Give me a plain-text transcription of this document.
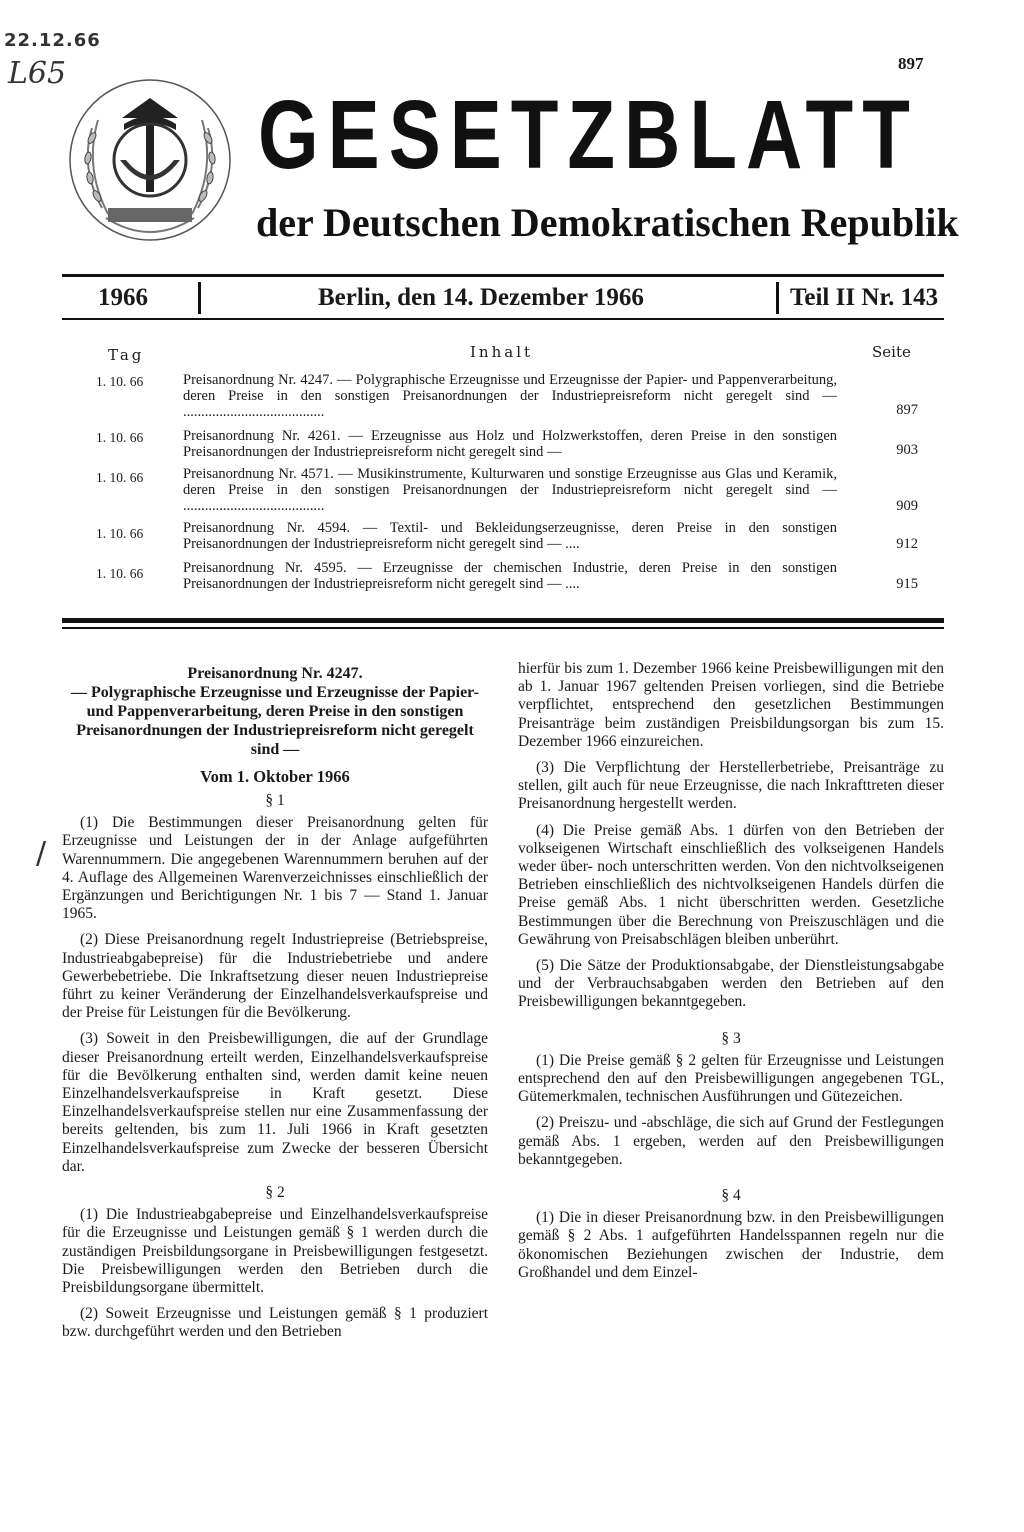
22.12.66
L65	897
GESETZBLATT
der Deutschen Demokratischen Republik
1966	Berlin, den 14. Dezember 1966	Teil II Nr. 143
Tag	Inhalt	Seite
1. 10. 66	Preisanordnung Nr. 4247. — Polygraphische Erzeugnisse und Erzeugnisse der Papier- und Pappenverarbeitung, deren Preise in den sonstigen Preisanordnungen der Industriepreisreform nicht geregelt sind — .......................................	897
1. 10. 66	Preisanordnung Nr. 4261. — Erzeugnisse aus Holz und Holzwerkstoffen, deren Preise in den sonstigen Preisanordnungen der Industriepreisreform nicht geregelt sind —	903
1. 10. 66	Preisanordnung Nr. 4571. — Musikinstrumente, Kulturwaren und sonstige Erzeugnisse aus Glas und Keramik, deren Preise in den sonstigen Preisanordnungen der Industriepreisreform nicht geregelt sind — .......................................	909
1. 10. 66	Preisanordnung Nr. 4594. — Textil- und Bekleidungserzeugnisse, deren Preise in den sonstigen Preisanordnungen der Industriepreisreform nicht geregelt sind — ....	912
1. 10. 66	Preisanordnung Nr. 4595. — Erzeugnisse der chemischen Industrie, deren Preise in den sonstigen Preisanordnungen der Industriepreisreform nicht geregelt sind — ....	915
/
Preisanordnung Nr. 4247.
— Polygraphische Erzeugnisse und Erzeugnisse der Papier- und Pappenverarbeitung, deren Preise in den sonstigen Preisanordnungen der Industriepreisreform nicht geregelt sind —
Vom 1. Oktober 1966
§ 1

(1) Die Bestimmungen dieser Preisanordnung gelten für Erzeugnisse und Leistungen der in der Anlage aufgeführten Warennummern. Die angegebenen Warennummern beruhen auf der 4. Auflage des Allgemeinen Warenverzeichnisses einschließlich der Ergänzungen und Berichtigungen Nr. 1 bis 7 — Stand 1. Januar 1965.

(2) Diese Preisanordnung regelt Industriepreise (Betriebspreise, Industrieabgabepreise) für die Industriebetriebe und andere Gewerbebetriebe. Die Inkraftsetzung dieser neuen Industriepreise führt zu keiner Veränderung der Einzelhandelsverkaufspreise und der Preise für Leistungen für die Bevölkerung.

(3) Soweit in den Preisbewilligungen, die auf der Grundlage dieser Preisanordnung erteilt werden, Einzelhandelsverkaufspreise für die Bevölkerung enthalten sind, werden damit keine neuen Einzelhandelsverkaufspreise in Kraft gesetzt. Diese Einzelhandelsverkaufspreise stellen nur eine Zusammenfassung der bereits geltenden, bis zum 11. Juli 1966 in Kraft gesetzten Einzelhandelsverkaufspreise zum Zwecke der besseren Übersicht dar.

§ 2

(1) Die Industrieabgabepreise und Einzelhandelsverkaufspreise für die Erzeugnisse und Leistungen gemäß § 1 werden durch die zuständigen Preisbildungsorgane in Preisbewilligungen festgesetzt. Die Preisbewilligungen werden den Betrieben durch die Preisbildungsorgane übermittelt.

(2) Soweit Erzeugnisse und Leistungen gemäß § 1 produziert bzw. durchgeführt werden und den Betrieben

hierfür bis zum 1. Dezember 1966 keine Preisbewilligungen mit den ab 1. Januar 1967 geltenden Preisen vorliegen, sind die Betriebe verpflichtet, entsprechend den gesetzlichen Bestimmungen Preisanträge beim zuständigen Preisbildungsorgan bis zum 15. Dezember 1966 einzureichen.

(3) Die Verpflichtung der Herstellerbetriebe, Preisanträge zu stellen, gilt auch für neue Erzeugnisse, die nach Inkrafttreten dieser Preisanordnung hergestellt werden.

(4) Die Preise gemäß Abs. 1 dürfen von den Betrieben der volkseigenen Wirtschaft einschließlich des volkseigenen Handels weder über- noch unterschritten werden. Von den nichtvolkseigenen Betrieben einschließlich des nichtvolkseigenen Handels dürfen die Preise gemäß Abs. 1 nicht überschritten werden. Gesetzliche Bestimmungen über die Berechnung von Preiszuschlägen und die Gewährung von Preisabschlägen bleiben unberührt.

(5) Die Sätze der Produktionsabgabe, der Dienstleistungsabgabe und der Verbrauchsabgaben werden den Betrieben auf den Preisbewilligungen bekanntgegeben.

§ 3

(1) Die Preise gemäß § 2 gelten für Erzeugnisse und Leistungen entsprechend den auf den Preisbewilligungen angegebenen TGL, Gütemerkmalen, technischen Ausführungen und Gütezeichen.

(2) Preiszu- und -abschläge, die sich auf Grund der Festlegungen gemäß Abs. 1 ergeben, werden auf den Preisbewilligungen bekanntgegeben.

§ 4

(1) Die in dieser Preisanordnung bzw. in den Preisbewilligungen gemäß § 2 Abs. 1 aufgeführten Handelsspannen regeln nur die ökonomischen Beziehungen zwischen der Industrie, dem Großhandel und dem Einzel-
